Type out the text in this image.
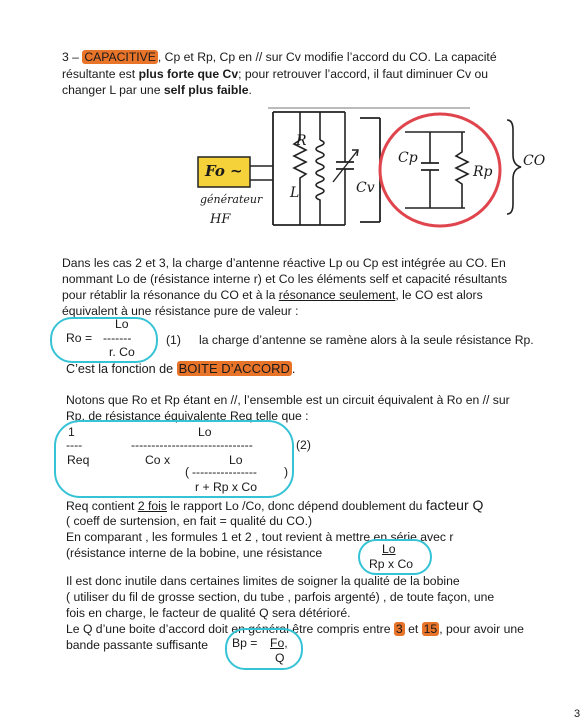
3 – CAPACITIVE , Cp et Rp, Cp en // sur Cv modifie l’accord du CO. La capacité
résultante est plus forte que Cv; pour retrouver l’accord, il faut diminuer Cv ou
changer L par une self plus faible.
Fo ~
générateur
HF
R
L	Cv
Cp
Rp
CO
Dans les cas 2 et 3, la charge d’antenne réactive Lp ou Cp est intégrée au CO. En
nommant Lo de (résistance interne r) et Co les éléments self et capacité résultants
pour rétablir la résonance du CO et à la résonance seulement, le CO est alors
équivalent à une résistance pure de valeur :
Lo
Ro = -------
r. Co
(1) la charge d’antenne se ramène alors à la seule résistance Rp.
C’est la fonction de BOITE D’ACCORD .
Notons que Ro et Rp étant en //, l’ensemble est un circuit équivalent à Ro en // sur
Rp, de résistance équivalente Req telle que :
1	Lo
----	------------------------------	(2)
Req	Co x	Lo
( ---------------- )
r + Rp x Co
Req contient 2 fois le rapport Lo /Co, donc dépend doublement du facteur Q
( coeff de surtension, en fait = qualité du CO.)
En comparant , les formules 1 et 2 , tout revient à mettre en série avec r
(résistance interne de la bobine, une résistance	Lo
Rp x Co
Il est donc inutile dans certaines limites de soigner la qualité de la bobine
( utiliser du fil de grosse section, du tube , parfois argenté) , de toute façon, une
fois en charge, le facteur de qualité Q sera détérioré.
Le Q d’une boite d’accord doit en général être compris entre 3 et 15 , pour avoir une
bande passante suffisante Bp = Fo,
Q
3
